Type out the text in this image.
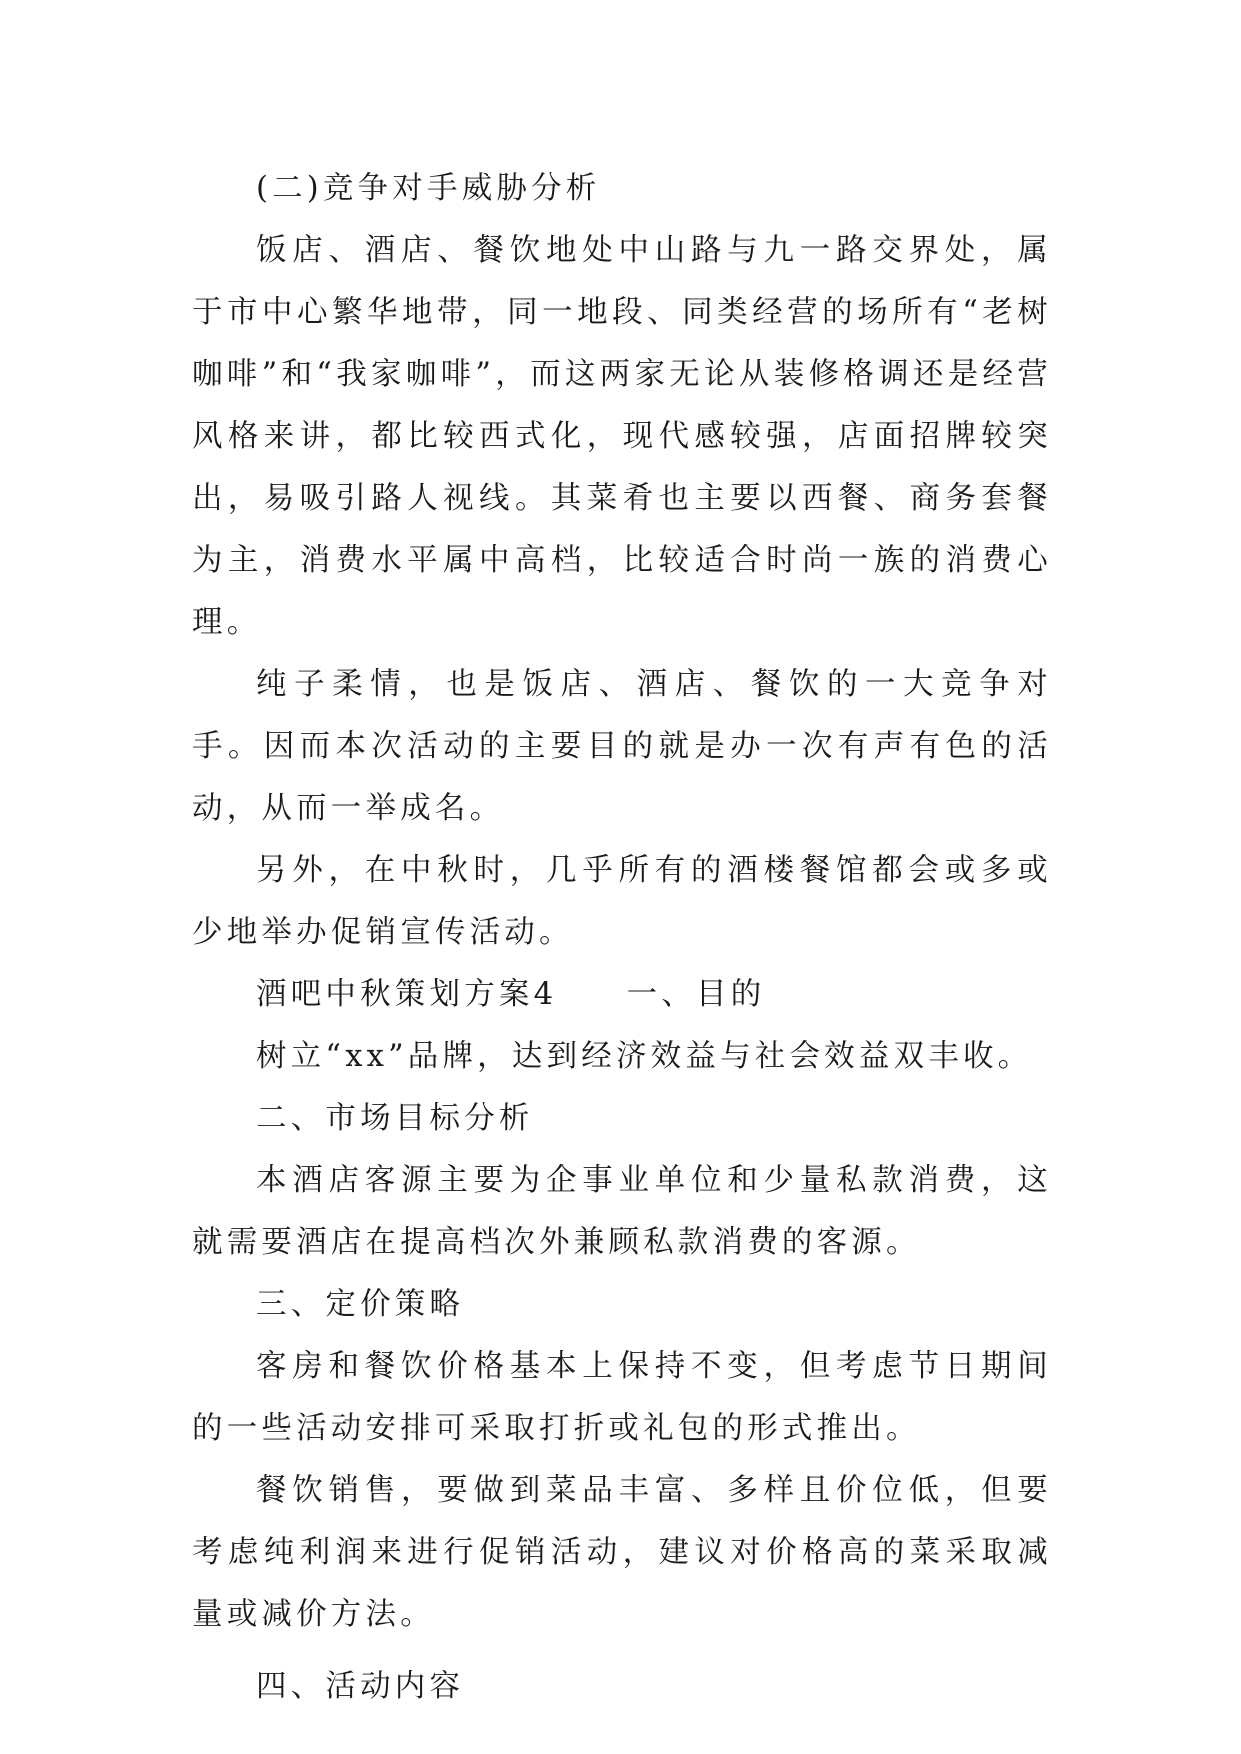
(二)竞争对手威胁分析

饭店、酒店、餐饮地处中山路与九一路交界处，属于市中心繁华地带，同一地段、同类经营的场所有“老树咖啡”和“我家咖啡”，而这两家无论从装修格调还是经营风格来讲，都比较西式化，现代感较强，店面招牌较突出，易吸引路人视线。其菜肴也主要以西餐、商务套餐为主，消费水平属中高档，比较适合时尚一族的消费心理。

纯子柔情，也是饭店、酒店、餐饮的一大竞争对手。因而本次活动的主要目的就是办一次有声有色的活动，从而一举成名。

另外，在中秋时，几乎所有的酒楼餐馆都会或多或少地举办促销宣传活动。

酒吧中秋策划方案4　　一、目的

树立“xx”品牌，达到经济效益与社会效益双丰收。

二、市场目标分析

本酒店客源主要为企事业单位和少量私款消费，这就需要酒店在提高档次外兼顾私款消费的客源。

三、定价策略

客房和餐饮价格基本上保持不变，但考虑节日期间的一些活动安排可采取打折或礼包的形式推出。

餐饮销售，要做到菜品丰富、多样且价位低，但要考虑纯利润来进行促销活动，建议对价格高的菜采取减量或减价方法。

四、活动内容
